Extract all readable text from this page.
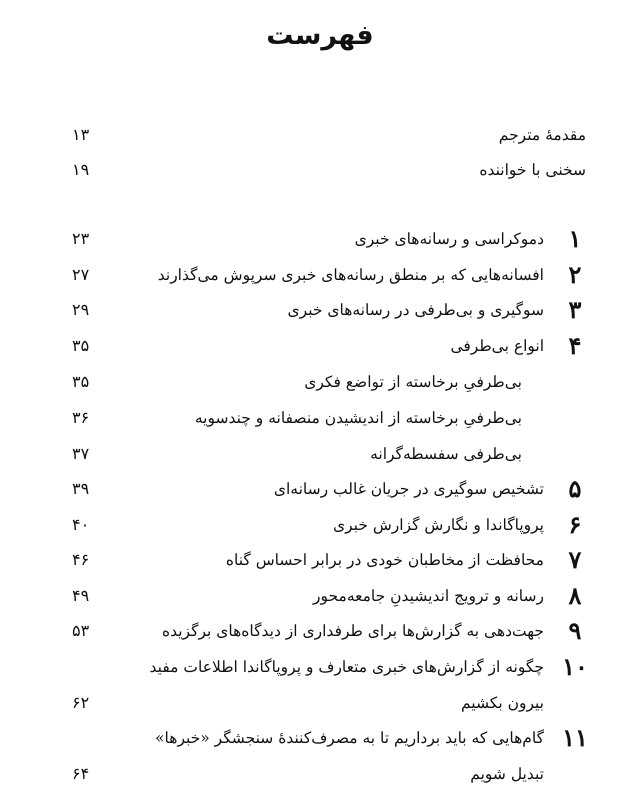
فهرست
مقدمهٔ مترجم
۱۳
سخنی با خواننده
۱۹
۱
دموکراسی و رسانه‌های خبری
۲۳
۲
افسانه‌هایی که بر منطق رسانه‌های خبری سرپوش می‌گذارند
۲۷
۳
سوگیری و بی‌طرفی در رسانه‌های خبری
۲۹
۴
انواع بی‌طرفی
۳۵
بی‌طرفیِ برخاسته از تواضع فکری
۳۵
بی‌طرفیِ برخاسته از اندیشیدن منصفانه و چندسویه
۳۶
بی‌طرفی سفسطه‌گرانه
۳۷
۵
تشخیص سوگیری در جریان غالب رسانه‌ای
۳۹
۶
پروپاگاندا و نگارش گزارش خبری
۴۰
۷
محافظت از مخاطبان خودی در برابر احساس گناه
۴۶
۸
رسانه و ترویج اندیشیدنِ جامعه‌محور
۴۹
۹
جهت‌دهی به گزارش‌ها برای طرفداری از دیدگاه‌های برگزیده
۵۳
۱۰
چگونه از گزارش‌های خبری متعارف و پروپاگاندا اطلاعات مفید
بیرون بکشیم
۶۲
۱۱
گام‌هایی که باید برداریم تا به مصرف‌کنندهٔ سنجشگر «خبرها»
تبدیل شویم
۶۴
